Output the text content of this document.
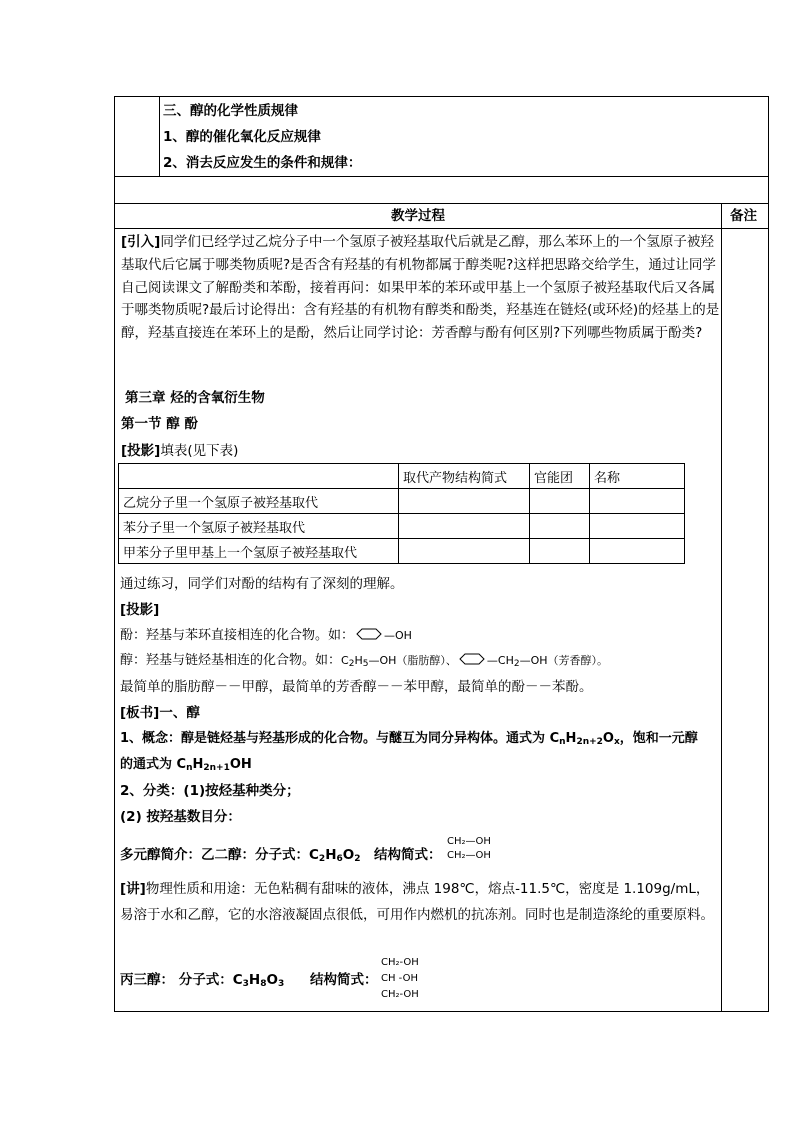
三、醇的化学性质规律
1、醇的催化氧化反应规律
2、消去反应发生的条件和规律：
教学过程	备注
[引入]同学们已经学过乙烷分子中一个氢原子被羟基取代后就是乙醇，那么苯环上的一个氢原子被羟基取代后它属于哪类物质呢?是否含有羟基的有机物都属于醇类呢?这样把思路交给学生，通过让同学自己阅读课文了解酚类和苯酚，接着再问：如果甲苯的苯环或甲基上一个氢原子被羟基取代后又各属于哪类物质呢?最后讨论得出：含有羟基的有机物有醇类和酚类，羟基连在链烃(或环烃)的烃基上的是醇，羟基直接连在苯环上的是酚，然后让同学讨论：芳香醇与酚有何区别?下列哪些物质属于酚类?
第三章 烃的含氧衍生物
第一节 醇 酚
[投影]填表(见下表)
	取代产物结构简式	官能团	名称
乙烷分子里一个氢原子被羟基取代			
苯分子里一个氢原子被羟基取代			
甲苯分子里甲基上一个氢原子被羟基取代			
通过练习，同学们对酚的结构有了深刻的理解。
[投影]
酚：羟基与苯环直接相连的化合物。如：	—OH
醇：羟基与链烃基相连的化合物。如：$C_2H_5—OH$（脂肪醇）、	$—CH_2—OH$（芳香醇）。
最简单的脂肪醇－－甲醇，最简单的芳香醇－－苯甲醇，最简单的酚－－苯酚。
[板书]一、醇
1、概念：醇是链烃基与羟基形成的化合物。与醚互为同分异构体。通式为 $C_nH_{2n+2}O_x$，饱和一元醇
的通式为 $C_nH_{2n+1}OH$
2、分类：(1)按烃基种类分；
(2) 按羟基数目分：
多元醇简介：乙二醇：分子式：$C_2H_6O_2$ 结构简式：
CH₂—OH
CH₂—OH
[讲]物理性质和用途：无色粘稠有甜味的液体，沸点 198℃，熔点-11.5℃，密度是 1.109g/mL，易溶于水和乙醇，它的水溶液凝固点很低，可用作内燃机的抗冻剂。同时也是制造涤纶的重要原料。
丙三醇： 分子式：$C_3H_8O_3$ 结构简式：
CH₂-OH
CH -OH
CH₂-OH
